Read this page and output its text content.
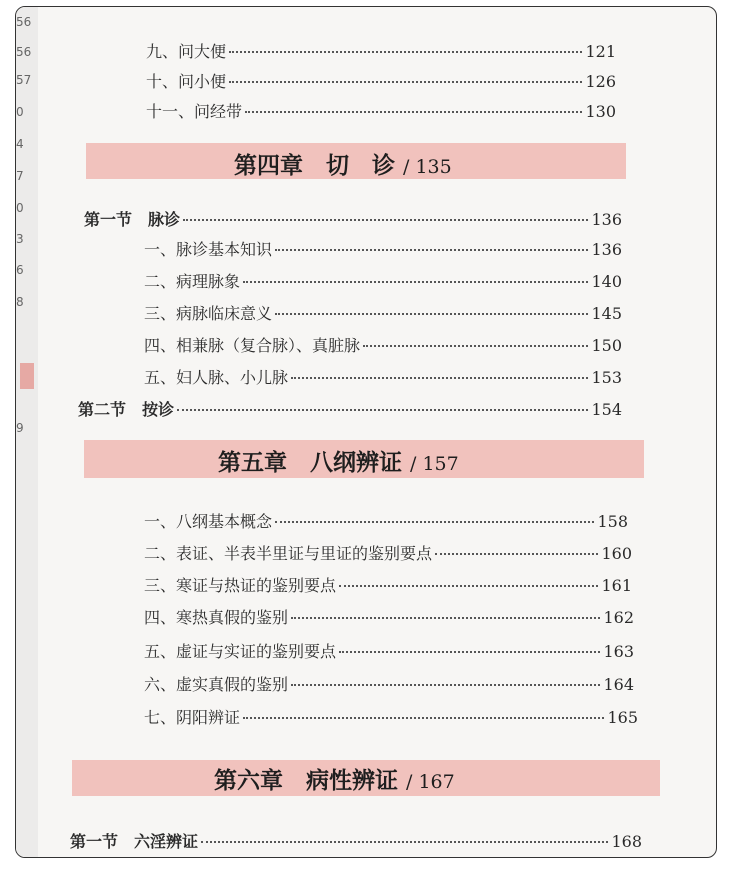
56
56
57
0
4
7
0
3
6
8
9
九、问大便	121
十、问小便	126
十一、问经带	130
第四章　切　诊 / 135
第一节　脉诊	136
一、脉诊基本知识	136
二、病理脉象	140
三、病脉临床意义	145
四、相兼脉（复合脉）、真脏脉	150
五、妇人脉、小儿脉	153
第二节　按诊	154
第五章　八纲辨证 / 157
一、八纲基本概念	158
二、表证、半表半里证与里证的鉴别要点	160
三、寒证与热证的鉴别要点	161
四、寒热真假的鉴别	162
五、虚证与实证的鉴别要点	163
六、虚实真假的鉴别	164
七、阴阳辨证	165
第六章　病性辨证 / 167
第一节　六淫辨证	168
